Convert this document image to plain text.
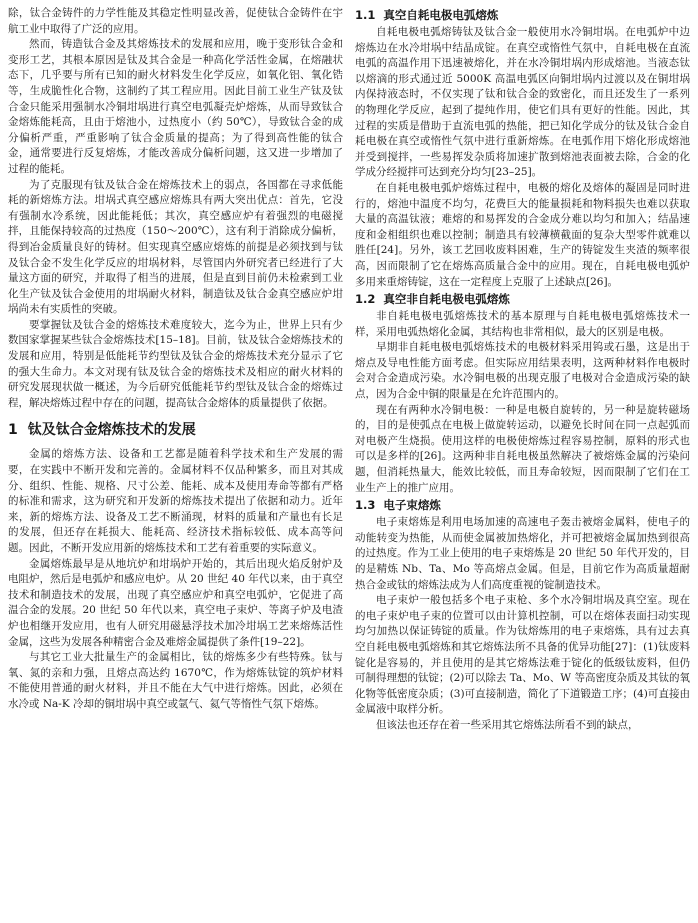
除，钛合金铸件的力学性能及其稳定性明显改善，促使钛合金铸件在宇航工业中取得了广泛的应用。

然而，铸造钛合金及其熔炼技术的发展和应用，晚于变形钛合金和变形工艺，其根本原因是钛及其合金是一种高化学活性金属，在熔融状态下，几乎要与所有已知的耐火材料发生化学反应，如氧化铝、氧化锆等，生成脆性化合物，这制约了其工程应用。因此目前工业生产钛及钛合金只能采用强制水冷铜坩埚进行真空电弧凝壳炉熔炼，从而导致钛合金熔炼能耗高，且由于熔池小，过热度小（约 50℃），导致钛合金的成分偏析严重，严重影响了钛合金质量的提高；为了得到高性能的钛合金，通常要进行反复熔炼，才能改善成分偏析问题，这又进一步增加了过程的能耗。

为了克服现有钛及钛合金在熔炼技术上的弱点，各国都在寻求低能耗的新熔炼方法。坩埚式真空感应熔炼具有两大突出优点：首先，它没有强制水冷系统，因此能耗低；其次，真空感应炉有着强烈的电磁搅拌，且能保持较高的过热度（150～200℃），这有利于消除成分偏析，得到冶金质量良好的铸材。但实现真空感应熔炼的前提是必须找到与钛及钛合金不发生化学反应的坩埚材料，尽管国内外研究者已经进行了大量这方面的研究，并取得了相当的进展，但是直到目前仍未检索到工业化生产钛及钛合金使用的坩埚耐火材料，制造钛及钛合金真空感应炉坩埚尚未有实质性的突破。

要掌握钛及钛合金的熔炼技术难度较大，迄今为止，世界上只有少数国家掌握某些钛合金熔炼技术[15–18]。目前，钛及钛合金熔炼技术的发展和应用，特别是低能耗节约型钛及钛合金的熔炼技术充分显示了它的强大生命力。本文对现有钛及钛合金的熔炼技术及相应的耐火材料的研究发展现状做一概述，为今后研究低能耗节约型钛及钛合金的熔炼过程，解决熔炼过程中存在的问题，提高钛合金熔体的质量提供了依据。

1 钛及钛合金熔炼技术的发展

金属的熔炼方法、设备和工艺都是随着科学技术和生产发展的需要，在实践中不断开发和完善的。金属材料不仅品种繁多，而且对其成分、组织、性能、规格、尺寸公差、能耗、成本及使用寿命等都有严格的标准和需求，这为研究和开发新的熔炼技术提出了依据和动力。近年来，新的熔炼方法、设备及工艺不断涌现，材料的质量和产量也有长足的发展，但还存在耗损大、能耗高、经济技术指标较低、成本高等问题。因此，不断开发应用新的熔炼技术和工艺有着重要的实际意义。

金属熔炼最早是从地坑炉和坩埚炉开始的，其后出现火焰反射炉及电阻炉，然后是电弧炉和感应电炉。从 20 世纪 40 年代以来，由于真空技术和制造技术的发展，出现了真空感应炉和真空电弧炉，它促进了高温合金的发展。20 世纪 50 年代以来，真空电子束炉、等离子炉及电渣炉也相继开发应用，也有人研究用磁悬浮技术加冷坩埚工艺来熔炼活性金属，这些为发展各种精密合金及难熔金属提供了条件[19–22]。

与其它工业大批量生产的金属相比，钛的熔炼多少有些特殊。钛与氧、氮的亲和力强，且熔点高达约 1670℃，作为熔炼钛锭的筑炉材料不能使用普通的耐火材料，并且不能在大气中进行熔炼。因此，必须在水冷或 Na-K 冷却的铜坩埚中真空或氩气、氦气等惰性气氛下熔炼。

1.1 真空自耗电极电弧熔炼

自耗电极电弧熔铸钛及钛合金一般使用水冷铜坩埚。在电弧炉中边熔炼边在水冷坩埚中结晶成锭。在真空或惰性气氛中，自耗电极在直流电弧的高温作用下迅速被熔化，并在水冷铜坩埚内形成熔池。当液态钛以熔滴的形式通过近 5000K 高温电弧区向铜坩埚内过渡以及在铜坩埚内保持液态时，不仅实现了钛和钛合金的致密化，而且还发生了一系列的物理化学反应，起到了提纯作用，使它们具有更好的性能。因此，其过程的实质是借助于直流电弧的热能，把已知化学成分的钛及钛合金自耗电极在真空或惰性气氛中进行重新熔炼。在电弧作用下熔化形成熔池并受到搅拌，一些易挥发杂质将加速扩散到熔池表面被去除，合金的化学成分经搅拌可达到充分均匀[23–25]。

在自耗电极电弧炉熔炼过程中，电极的熔化及熔体的凝固是同时进行的，熔池中温度不均匀，花费巨大的能量损耗和物料损失也难以获取大量的高温钛液；难熔的和易挥发的合金成分难以均匀和加入；结晶速度和金相组织也难以控制；制造具有较薄横截面的复杂大型零件就难以胜任[24]。另外，该工艺回收废料困难，生产的铸锭发生夹渣的频率很高，因而限制了它在熔炼高质量合金中的应用。现在，自耗电极电弧炉多用来重熔铸锭，这在一定程度上克服了上述缺点[26]。

1.2 真空非自耗电极电弧熔炼

非自耗电极电弧熔炼技术的基本原理与自耗电极电弧熔炼技术一样，采用电弧热熔化金属，其结构也非常相似，最大的区别是电极。

早期非自耗电极电弧熔炼技术的电极材料采用钨或石墨，这是出于熔点及导电性能方面考虑。但实际应用结果表明，这两种材料作电极时会对合金造成污染。水冷铜电极的出现克服了电极对合金造成污染的缺点，因为合金中铜的限量是在允许范围内的。

现在有两种水冷铜电极：一种是电极自旋转的，另一种是旋转磁场的，目的是使弧点在电极上做旋转运动，以避免长时间在同一点起弧而对电极产生烧损。使用这样的电极使熔炼过程容易控制，原料的形式也可以是多样的[26]。这两种非自耗电极虽然解决了被熔炼金属的污染问题，但消耗热量大，能效比较低，而且寿命较短，因而限制了它们在工业生产上的推广应用。

1.3 电子束熔炼

电子束熔炼是利用电场加速的高速电子轰击被熔金属料，使电子的动能转变为热能，从而使金属被加热熔化，并可把被熔金属加热到很高的过热度。作为工业上使用的电子束熔炼是 20 世纪 50 年代开发的，目的是精炼 Nb、Ta、Mo 等高熔点金属。但是，目前它作为高质量超耐热合金或钛的熔炼法成为人们高度重视的锭制造技术。

电子束炉一般包括多个电子束枪、多个水冷铜坩埚及真空室。现在的电子束炉电子束的位置可以由计算机控制，可以在熔体表面扫动实现均匀加热以保证铸锭的质量。作为钛熔炼用的电子束熔炼，具有过去真空自耗电极电弧熔炼和其它熔炼法所不具备的优异功能[27]：(1)钛废料锭化是容易的，并且使用的是其它熔炼法难于锭化的低级钛废料，但仍可制得理想的钛锭；(2)可以除去 Ta、Mo、W 等高密度杂质及其钛的氧化物等低密度杂质；(3)可直接制造，简化了下道锻造工序；(4)可直接由金属液中取样分析。

但该法也还存在着一些采用其它熔炼法所看不到的缺点，
